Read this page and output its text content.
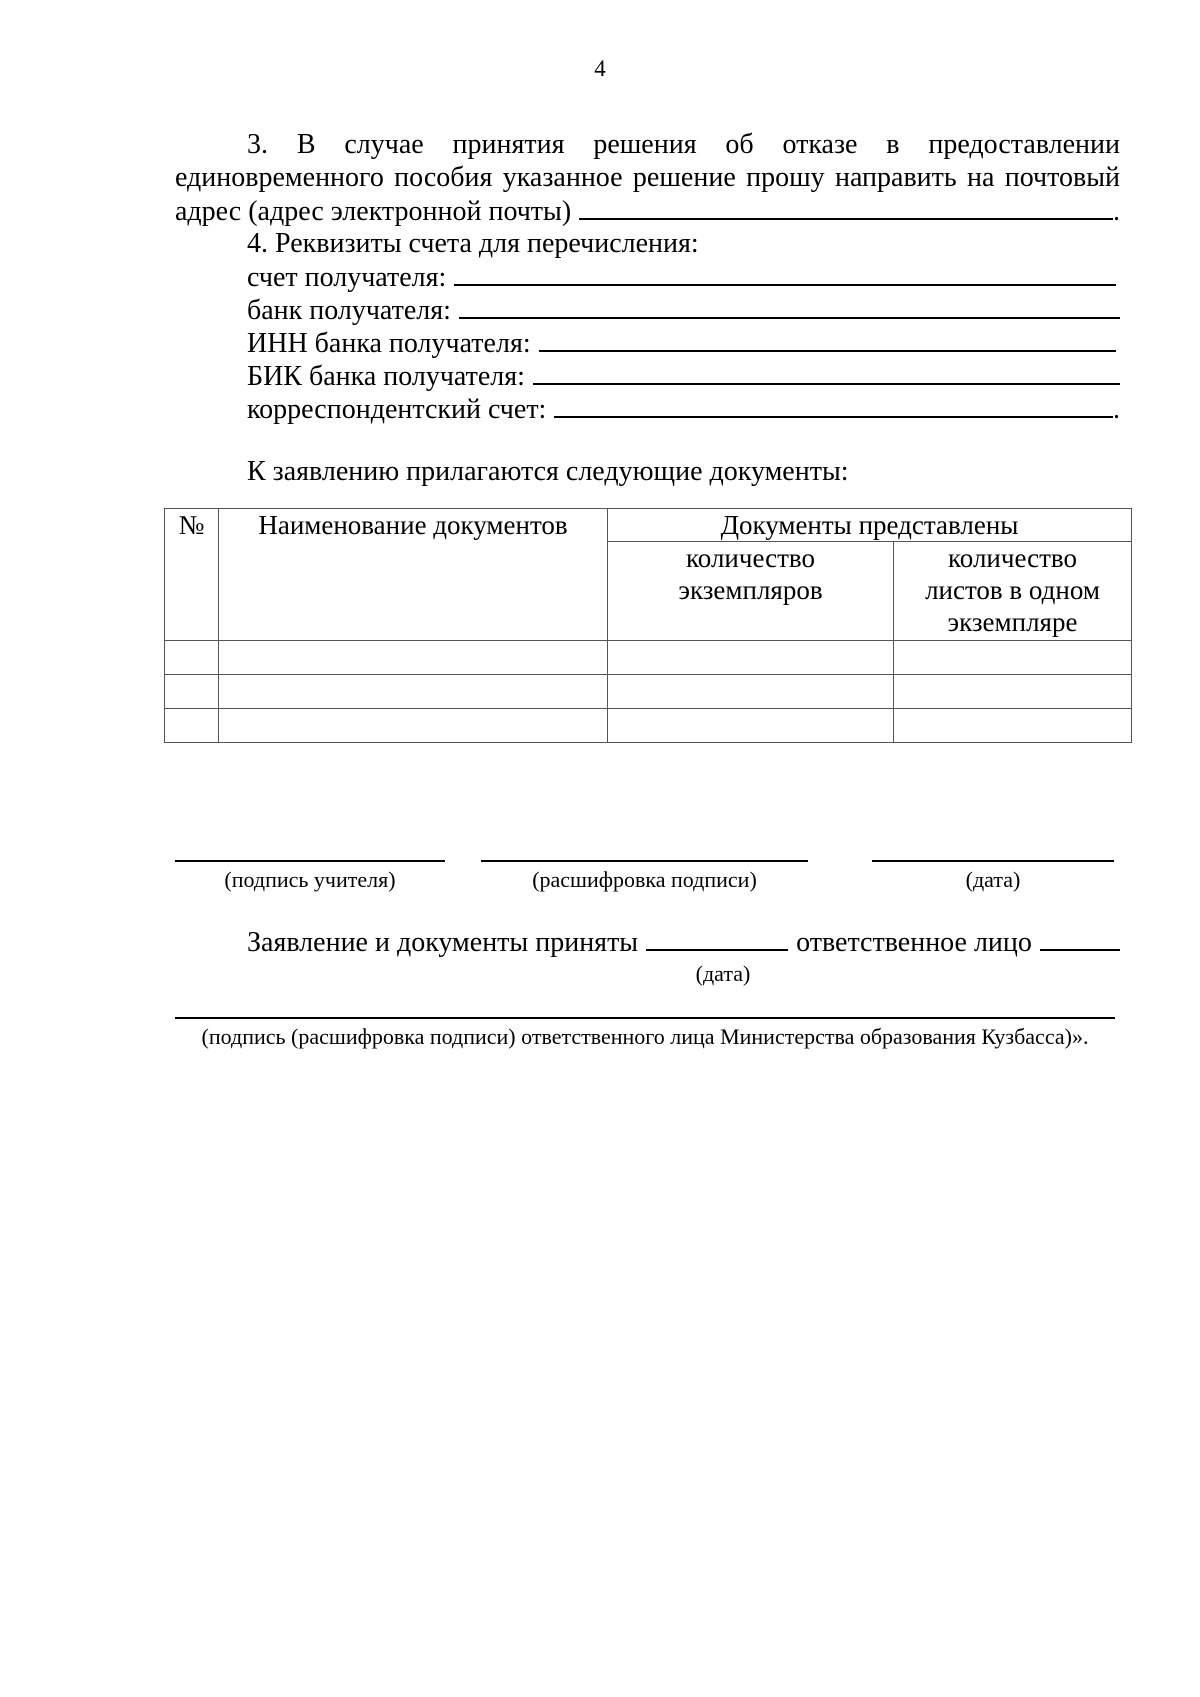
4
3. В случае принятия решения об отказе в предоставлении
единовременного пособия указанное решение прошу направить на почтовый
адрес (адрес электронной почты)	.
4. Реквизиты счета для перечисления:
счет получателя:
банк получателя:
ИНН банка получателя:
БИК банка получателя:
корреспондентский счет:	.
К заявлению прилагаются следующие документы:
№	Наименование документов	Документы представлены	

		количество экземпляров	количество листов в одном экземпляре

(подпись учителя)	(расшифровка подписи)	(дата)
Заявление и документы приняты	ответственное лицо
(дата)
(подпись (расшифровка подписи) ответственного лица Министерства образования Кузбасса)».
